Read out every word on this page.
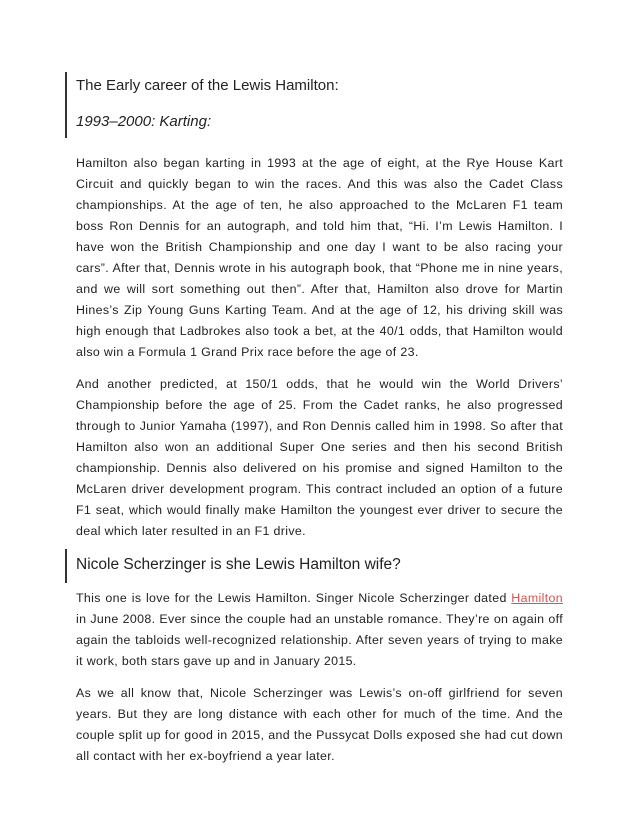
The Early career of the Lewis Hamilton:
1993–2000: Karting:

Hamilton also began karting in 1993 at the age of eight, at the Rye House Kart Circuit and quickly began to win the races. And this was also the Cadet Class championships. At the age of ten, he also approached to the McLaren F1 team boss Ron Dennis for an autograph, and told him that, “Hi. I’m Lewis Hamilton. I have won the British Championship and one day I want to be also racing your cars”. After that, Dennis wrote in his autograph book, that “Phone me in nine years, and we will sort something out then”. After that, Hamilton also drove for Martin Hines’s Zip Young Guns Karting Team. And at the age of 12, his driving skill was high enough that Ladbrokes also took a bet, at the 40/1 odds, that Hamilton would also win a Formula 1 Grand Prix race before the age of 23.

And another predicted, at 150/1 odds, that he would win the World Drivers’ Championship before the age of 25. From the Cadet ranks, he also progressed through to Junior Yamaha (1997), and Ron Dennis called him in 1998. So after that Hamilton also won an additional Super One series and then his second British championship. Dennis also delivered on his promise and signed Hamilton to the McLaren driver development program. This contract included an option of a future F1 seat, which would finally make Hamilton the youngest ever driver to secure the deal which later resulted in an F1 drive.

Nicole Scherzinger is she Lewis Hamilton wife?

This one is love for the Lewis Hamilton. Singer Nicole Scherzinger dated Hamilton in June 2008. Ever since the couple had an unstable romance. They’re on again off again the tabloids well-recognized relationship. After seven years of trying to make it work, both stars gave up and in January 2015.

As we all know that, Nicole Scherzinger was Lewis’s on-off girlfriend for seven years. But they are long distance with each other for much of the time. And the couple split up for good in 2015, and the Pussycat Dolls exposed she had cut down all contact with her ex-boyfriend a year later.
